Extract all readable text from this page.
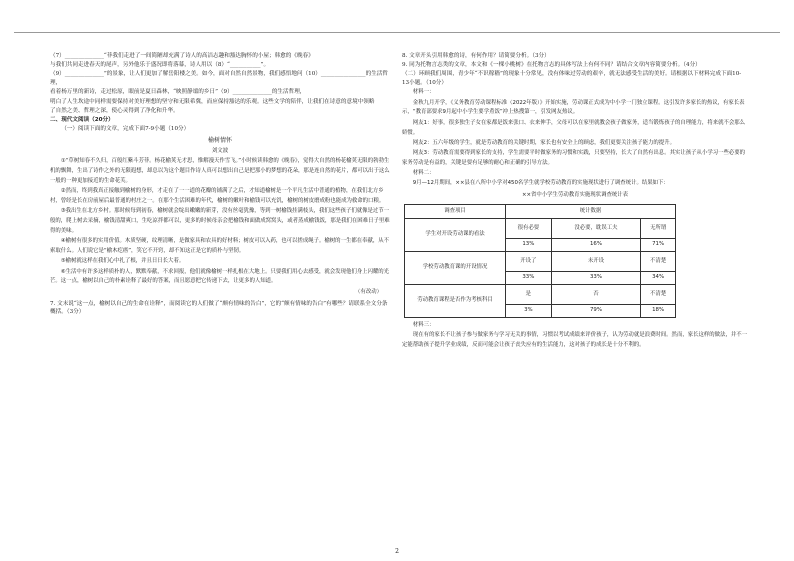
（7）______________“菲我们走进了一间简陋却充满了诗人的高洁志趣和豁达胸怀的小屋；韩愈的《晚春》

与我们共同走进春天的尾声，另外他乐于盛况即将落幕，诗人用以（8）“___________”。

（9）______________”的景象，让人们更加了解岳阳楼之美。如今，面对自然自然景物，我们感悟地问（10）________________的生活哲理，

看着杨万里的新诗，走过松原，眼前是夏日森林，“映照静谧的乡日”（9）______________的生活哲理，

明白了人生坎途中同样需要保持对美好理想的坚守和无限希冀，而应保持豁达的乐观。这些文学的陪伴，让我们在诗意的意境中领略

了自然之美、哲理之深，使心灵得到了净化和升华。

二、现代文阅读（20分）

（一）阅读下面的文章，完成下面7-9小题（10分）

榆树情怀
刘文波

①“草树知春不久归，百般红紫斗芳菲。杨花榆荚无才思，惟解漫天作雪飞。”小时候读韩愈的《晚春》，觉得大自然的杨花榆荚无限的勃勃生机的飘舞，生出了诗作之外的无限遐想，却总以为这个题目作诗人真可以想出自己是把那小的梦想的花朵，那是连自然的花片，都可以出于这么一般的一种更加接近的生命花芙。

②然而，终到我真正接触到榆树的身形，才走在了一一道的花瓣的铺满了之后，才知道榆树是一个平凡生活中普通的植物，在我们北方乡村，曾经是长在房前屋后最普通的村庄之一。在那个生活困难的年代，榆树的嫩叶和榆钱可以充饥，榆树的树皮磨成粉也能成为救命的口粮。

③我出生在北方乡村。那时候每到初春，榆树就会绽出嫩嫩的新芽，没有丝毫犹豫，等到一树榆钱挂满枝头，我们这些孩子们就像是过节一般的，爬上树去采摘，榆钱清甜爽口，生吃凉拌都可以，更多的时候母亲会把榆钱和面做成窝窝头，或者蒸成榆钱饭，那是我们在困难日子里难得的美味。

④榆树有很多的实用价值。木质坚硬，纹理清晰，是做家具和农具的好材料；树皮可以入药，也可以搓成绳子。榆树的一生都在奉献，从不索取什么。人们说它是“榆木疙瘩”，笑它不开窍，却不知这正是它的质朴与坚韧。

⑤榆树就这样在我们心中扎了根，并且日日长大着。

⑥生活中有许多这样质朴的人，默默奉献，不求回报，他们就像榆树一样扎根在大地上。只要我们用心去感受，就会发现他们身上闪耀的光芒。这一点，榆树以自己的朴素诠释了最好的答案，而且愿意把它传递下去，让更多的人知道。

（有改动）

7. 文末说“这一点，榆树以自己的生命在诠释”，而阅读它的人们做了“颇有情味的告白”，它的“颇有情味的告白”有哪些？请联系全文分条概括。（3分）

8. 文章开头引用韩愈的诗，有何作用？请简要分析。（3分）

9. 同为托物言志类的文章，本文和《一棵小桃树》在托物言志的具体写法上有何不同？请结合文章内容简要分析。（4分）

（二）环顾我们周围，青少年“不识稼穑”的现象十分常见，没有体味过劳动的艰辛，就无法感受生活的美好。请根据以下材料完成下面10-13小题。（10分）

材料一：

金秋九月开学，《义务教育劳动课程标准（2022年版）》开始实施，劳动课正式成为中小学一门独立课程。这引发许多家长的热议，有家长表示，“教育部要求9月起中小学生要学煮饭”冲上热搜第一，引发网友热议。

网友1：好事，很多独生子女在家都是饭来张口、衣来伸手，父母可以在家里就教会孩子做家务，适当锻炼孩子的自理能力，将来就不会那么娇惯。

网友2：五六年级的学生，就是劳动教育的关键时期，家长也有安全上的顾虑，我们更要关注孩子能力的提升。

网友3：劳动教育需要得到家长的支持，学生需要平时做家务的习惯和实践，只要坚持，长大了自然有出息。其实让孩子从小学习一些必要的家务劳动是有益的，关键是要有足够的耐心和正确的引导方法。

材料二：

9月—12月期间，××县在八所中小学对450名学生就学校劳动教育的实施现状进行了调查统计。结果如下：

××省中小学生劳动教育实施现状调查统计表
调查项目	统计数据		
学生对开设劳动课的看法	很有必要	没必要，耽误工夫	无所谓
	13%	16%	71%
学校劳动教育课的开设情况	开设了	未开设	不清楚
	33%	33%	34%
劳动教育课程是否作为考核科目	是	否	不清楚
	3%	79%	18%

材料三：

现在有的家长不让孩子参与做家务与学习无关的事情，习惯以考试成绩来评价孩子，认为劳动就是浪费时间。然而，家长这样的做法，并不一定能帮助孩子提升学业成绩，反而可能会让孩子丧失应有的生活能力，这对孩子的成长是十分不利的。

2
